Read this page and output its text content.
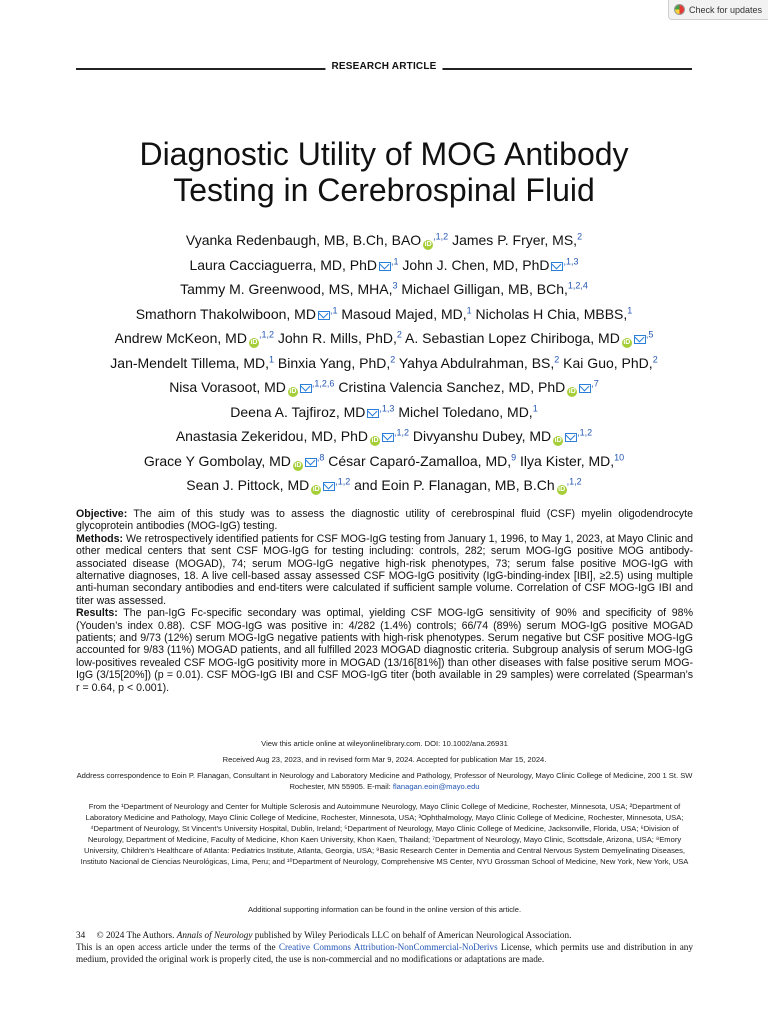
Check for updates
RESEARCH ARTICLE
Diagnostic Utility of MOG Antibody
Testing in Cerebrospinal Fluid
Vyanka Redenbaugh, MB, B.Ch, BAO $iD^{,1,2}$ James P. Fryer, MS,$^2$
Laura Cacciaguerra, MD, PhD $^{,1}$ John J. Chen, MD, PhD $^{,1,3}$
Tammy M. Greenwood, MS, MHA,$^3$ Michael Gilligan, MB, BCh,$^{1,2,4}$
Smathorn Thakolwiboon, MD $^{,1}$ Masoud Majed, MD,$^1$ Nicholas H Chia, MBBS,$^1$
Andrew McKeon, MD $iD^{,1,2}$ John R. Mills, PhD,$^2$ A. Sebastian Lopez Chiriboga, MD $iD^{,5}$
Jan-Mendelt Tillema, MD,$^1$ Binxia Yang, PhD,$^2$ Yahya Abdulrahman, BS,$^2$ Kai Guo, PhD,$^2$
Nisa Vorasoot, MD $iD^{,1,2,6}$ Cristina Valencia Sanchez, MD, PhD $iD^{,7}$
Deena A. Tajfiroz, MD $^{,1,3}$ Michel Toledano, MD,$^1$
Anastasia Zekeridou, MD, PhD $iD^{,1,2}$ Divyanshu Dubey, MD $iD^{,1,2}$
Grace Y Gombolay, MD $iD^{,8}$ César Caparó-Zamalloa, MD,$^9$ Ilya Kister, MD,$^{10}$
Sean J. Pittock, MD $iD^{,1,2}$ and Eoin P. Flanagan, MB, B.Ch $iD^{,1,2}$

Objective: The aim of this study was to assess the diagnostic utility of cerebrospinal fluid (CSF) myelin oligodendrocyte glycoprotein antibodies (MOG-IgG) testing.

Methods: We retrospectively identified patients for CSF MOG-IgG testing from January 1, 1996, to May 1, 2023, at Mayo Clinic and other medical centers that sent CSF MOG-IgG for testing including: controls, 282; serum MOG-IgG positive MOG antibody-associated disease (MOGAD), 74; serum MOG-IgG negative high-risk phenotypes, 73; serum false positive MOG-IgG with alternative diagnoses, 18. A live cell-based assay assessed CSF MOG-IgG positivity (IgG-binding-index [IBI], ≥2.5) using multiple anti-human secondary antibodies and end-titers were calculated if sufficient sample volume. Correlation of CSF MOG-IgG IBI and titer was assessed.

Results: The pan-IgG Fc-specific secondary was optimal, yielding CSF MOG-IgG sensitivity of 90% and specificity of 98% (Youden’s index 0.88). CSF MOG-IgG was positive in: 4/282 (1.4%) controls; 66/74 (89%) serum MOG-IgG positive MOGAD patients; and 9/73 (12%) serum MOG-IgG negative patients with high-risk phenotypes. Serum negative but CSF positive MOG-IgG accounted for 9/83 (11%) MOGAD patients, and all fulfilled 2023 MOGAD diagnostic criteria. Subgroup analysis of serum MOG-IgG low-positives revealed CSF MOG-IgG positivity more in MOGAD (13/16[81%]) than other diseases with false positive serum MOG-IgG (3/15[20%]) (p = 0.01). CSF MOG-IgG IBI and CSF MOG-IgG titer (both available in 29 samples) were correlated (Spearman’s r = 0.64, p < 0.001).

View this article online at wileyonlinelibrary.com. DOI: 10.1002/ana.26931
Received Aug 23, 2023, and in revised form Mar 9, 2024. Accepted for publication Mar 15, 2024.
Address correspondence to Eoin P. Flanagan, Consultant in Neurology and Laboratory Medicine and Pathology, Professor of Neurology, Mayo Clinic College of Medicine, 200 1 St. SW Rochester, MN 55905. E-mail: flanagan.eoin@mayo.edu
From the ¹Department of Neurology and Center for Multiple Sclerosis and Autoimmune Neurology, Mayo Clinic College of Medicine, Rochester, Minnesota, USA; ²Department of Laboratory Medicine and Pathology, Mayo Clinic College of Medicine, Rochester, Minnesota, USA; ³Ophthalmology, Mayo Clinic College of Medicine, Rochester, Minnesota, USA; ⁴Department of Neurology, St Vincent’s University Hospital, Dublin, Ireland; ⁵Department of Neurology, Mayo Clinic College of Medicine, Jacksonville, Florida, USA; ⁶Division of Neurology, Department of Medicine, Faculty of Medicine, Khon Kaen University, Khon Kaen, Thailand; ⁷Department of Neurology, Mayo Clinic, Scottsdale, Arizona, USA; ⁸Emory University, Children’s Healthcare of Atlanta: Pediatrics Institute, Atlanta, Georgia, USA; ⁹Basic Research Center in Dementia and Central Nervous System Demyelinating Diseases, Instituto Nacional de Ciencias Neurológicas, Lima, Peru; and ¹⁰Department of Neurology, Comprehensive MS Center, NYU Grossman School of Medicine, New York, New York, USA
Additional supporting information can be found in the online version of this article.
34     © 2024 The Authors. Annals of Neurology published by Wiley Periodicals LLC on behalf of American Neurological Association.
This is an open access article under the terms of the Creative Commons Attribution-NonCommercial-NoDerivs License, which permits use and distribution in any medium, provided the original work is properly cited, the use is non-commercial and no modifications or adaptations are made.
